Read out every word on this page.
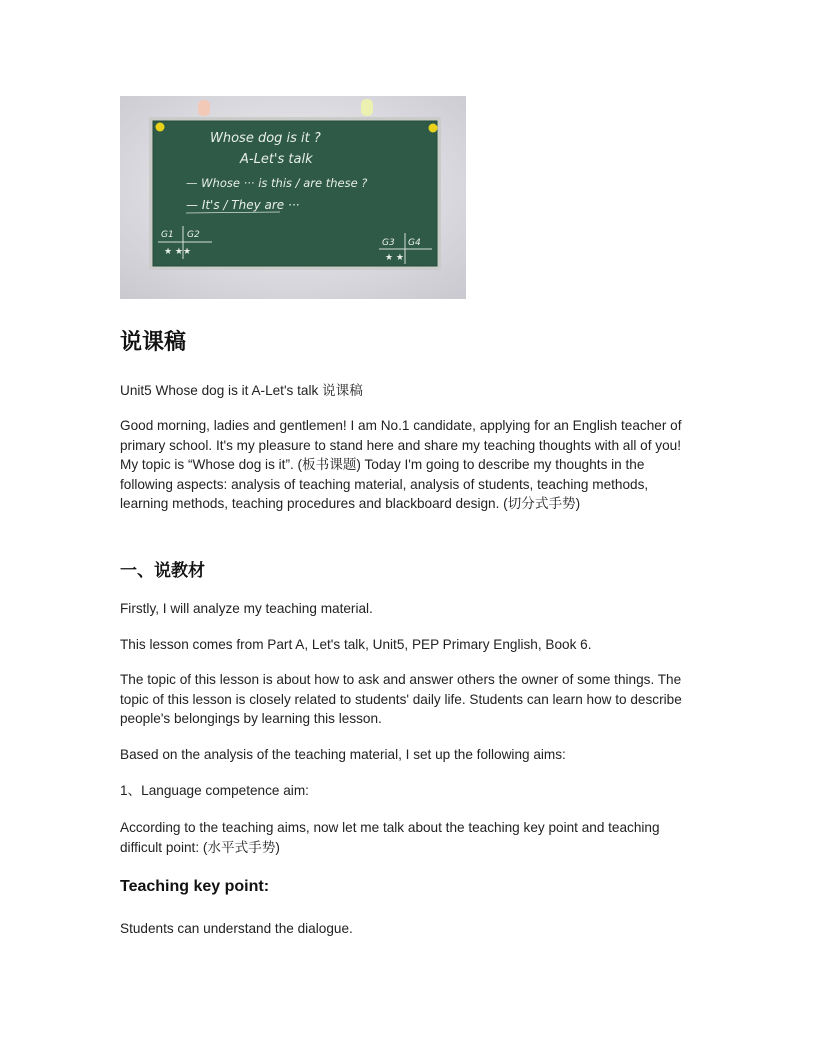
Whose dog is it ?
A-Let's talk
— Whose ··· is this / are these ?
— It's / They are ···
G1 G2
G3 G4
★ ★★
★ ★
说课稿

Unit5 Whose dog is it A-Let's talk 说课稿

Good morning, ladies and gentlemen! I am No.1 candidate, applying for an English teacher of primary school. It's my pleasure to stand here and share my teaching thoughts with all of you! My topic is “Whose dog is it”. (板书课题) Today I'm going to describe my thoughts in the following aspects: analysis of teaching material, analysis of students, teaching methods, learning methods, teaching procedures and blackboard design. (切分式手势)

一、说教材

Firstly, I will analyze my teaching material.

This lesson comes from Part A, Let's talk, Unit5, PEP Primary English, Book 6.

The topic of this lesson is about how to ask and answer others the owner of some things. The topic of this lesson is closely related to students' daily life. Students can learn how to describe people's belongings by learning this lesson.

Based on the analysis of the teaching material, I set up the following aims:

1、Language competence aim:

According to the teaching aims, now let me talk about the teaching key point and teaching difficult point: (水平式手势)

Teaching key point:

Students can understand the dialogue.
